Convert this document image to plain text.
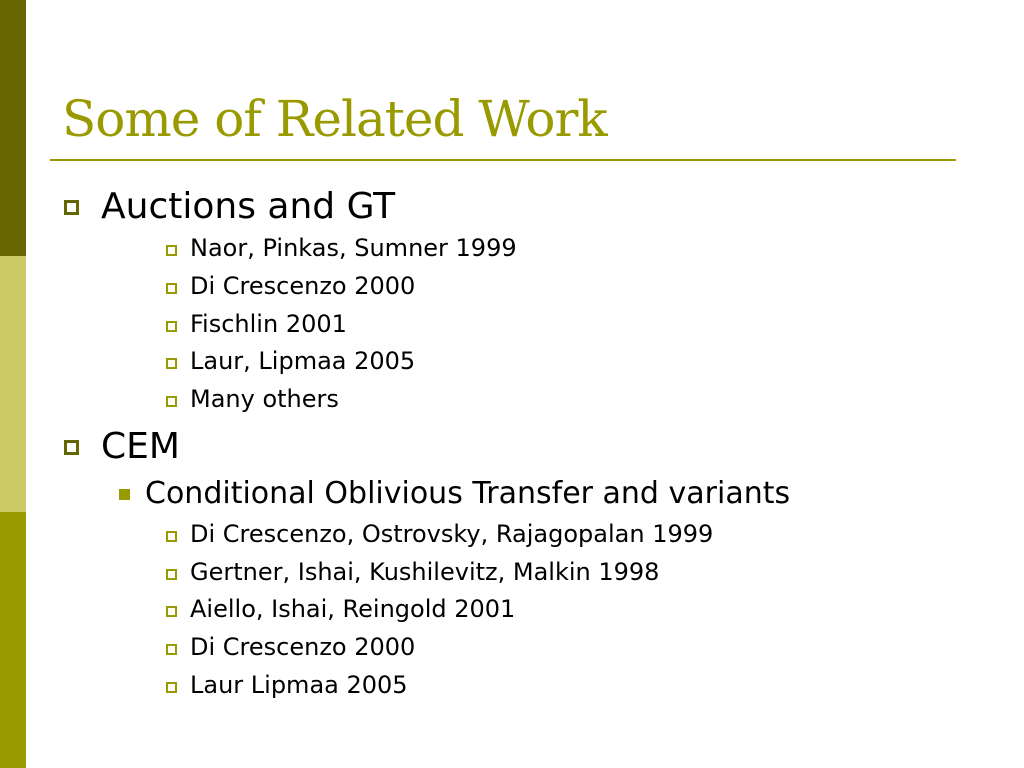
Some of Related Work
Auctions and GT
Naor, Pinkas, Sumner 1999
Di Crescenzo 2000
Fischlin 2001
Laur, Lipmaa 2005
Many others
CEM
Conditional Oblivious Transfer and variants
Di Crescenzo, Ostrovsky, Rajagopalan 1999
Gertner, Ishai, Kushilevitz, Malkin 1998
Aiello, Ishai, Reingold 2001
Di Crescenzo 2000
Laur Lipmaa 2005
